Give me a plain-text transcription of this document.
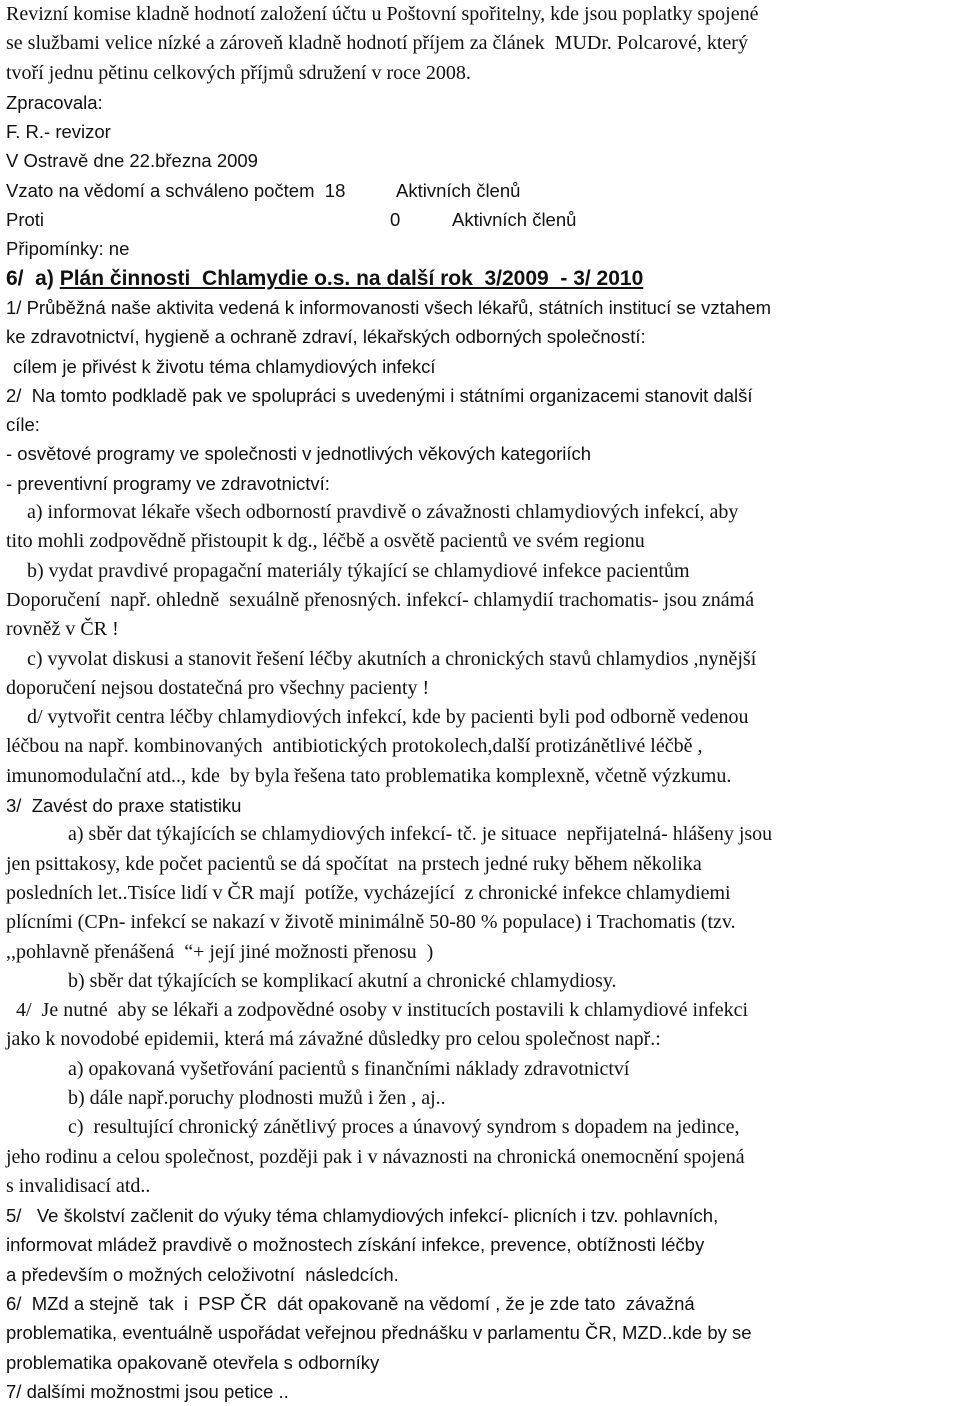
Revizní komise kladně hodnotí založení účtu u Poštovní spořitelny, kde jsou poplatky spojené
se službami velice nízké a zároveň kladně hodnotí příjem za článek  MUDr. Polcarové, který
tvoří jednu pětinu celkových příjmů sdružení v roce 2008.
Zpracovala:
F. R.- revizor
V Ostravě dne 22.března 2009
Vzato na vědomí a schváleno počtem  18	Aktivních členů
Proti	0	Aktivních členů
Připomínky: ne
6/  a) Plán činnosti  Chlamydie o.s. na další rok  3/2009  - 3/ 2010
1/ Průběžná naše aktivita vedená k informovanosti všech lékařů, státních institucí se vztahem
ke zdravotnictví, hygieně a ochraně zdraví, lékařských odborných společností:
cílem je přivést k životu téma chlamydiových infekcí
2/  Na tomto podkladě pak ve spolupráci s uvedenými i státními organizacemi stanovit další
cíle:
- osvětové programy ve společnosti v jednotlivých věkových kategoriích
- preventivní programy ve zdravotnictví:
a) informovat lékaře všech odborností pravdivě o závažnosti chlamydiových infekcí, aby
tito mohli zodpovědně přistoupit k dg., léčbě a osvětě pacientů ve svém regionu
b) vydat pravdivé propagační materiály týkající se chlamydiové infekce pacientům
Doporučení  např. ohledně  sexuálně přenosných. infekcí- chlamydií trachomatis- jsou známá
rovněž v ČR !
c) vyvolat diskusi a stanovit řešení léčby akutních a chronických stavů chlamydios ,nynější
doporučení nejsou dostatečná pro všechny pacienty !
d/ vytvořit centra léčby chlamydiových infekcí, kde by pacienti byli pod odborně vedenou
léčbou na např. kombinovaných  antibiotických protokolech,další protizánětlivé léčbě ,
imunomodulační atd.., kde  by byla řešena tato problematika komplexně, včetně výzkumu.
3/  Zavést do praxe statistiku
a) sběr dat týkajících se chlamydiových infekcí- tč. je situace  nepřijatelná- hlášeny jsou
jen psittakosy, kde počet pacientů se dá spočítat  na prstech jedné ruky během několika
posledních let..Tisíce lidí v ČR mají  potíže, vycházející  z chronické infekce chlamydiemi
plícními (CPn- infekcí se nakazí v životě minimálně 50-80 % populace) i Trachomatis (tzv.
,,pohlavně přenášená  “+ její jiné možnosti přenosu  )
b) sběr dat týkajících se komplikací akutní a chronické chlamydiosy.
4/  Je nutné  aby se lékaři a zodpovědné osoby v institucích postavili k chlamydiové infekci
jako k novodobé epidemii, která má závažné důsledky pro celou společnost např.:
a) opakovaná vyšetřování pacientů s finančními náklady zdravotnictví
b) dále např.poruchy plodnosti mužů i žen , aj..
c)  resultující chronický zánětlivý proces a únavový syndrom s dopadem na jedince,
jeho rodinu a celou společnost, později pak i v návaznosti na chronická onemocnění spojená
s invalidisací atd..
5/   Ve školství začlenit do výuky téma chlamydiových infekcí- plicních i tzv. pohlavních,
informovat mládež pravdivě o možnostech získání infekce, prevence, obtížnosti léčby
a především o možných celoživotní  následcích.
6/  MZd a stejně  tak  i  PSP ČR  dát opakovaně na vědomí , že je zde tato  závažná
problematika, eventuálně uspořádat veřejnou přednášku v parlamentu ČR, MZD..kde by se
problematika opakovaně otevřela s odborníky
7/ dalšími možnostmi jsou petice ..
